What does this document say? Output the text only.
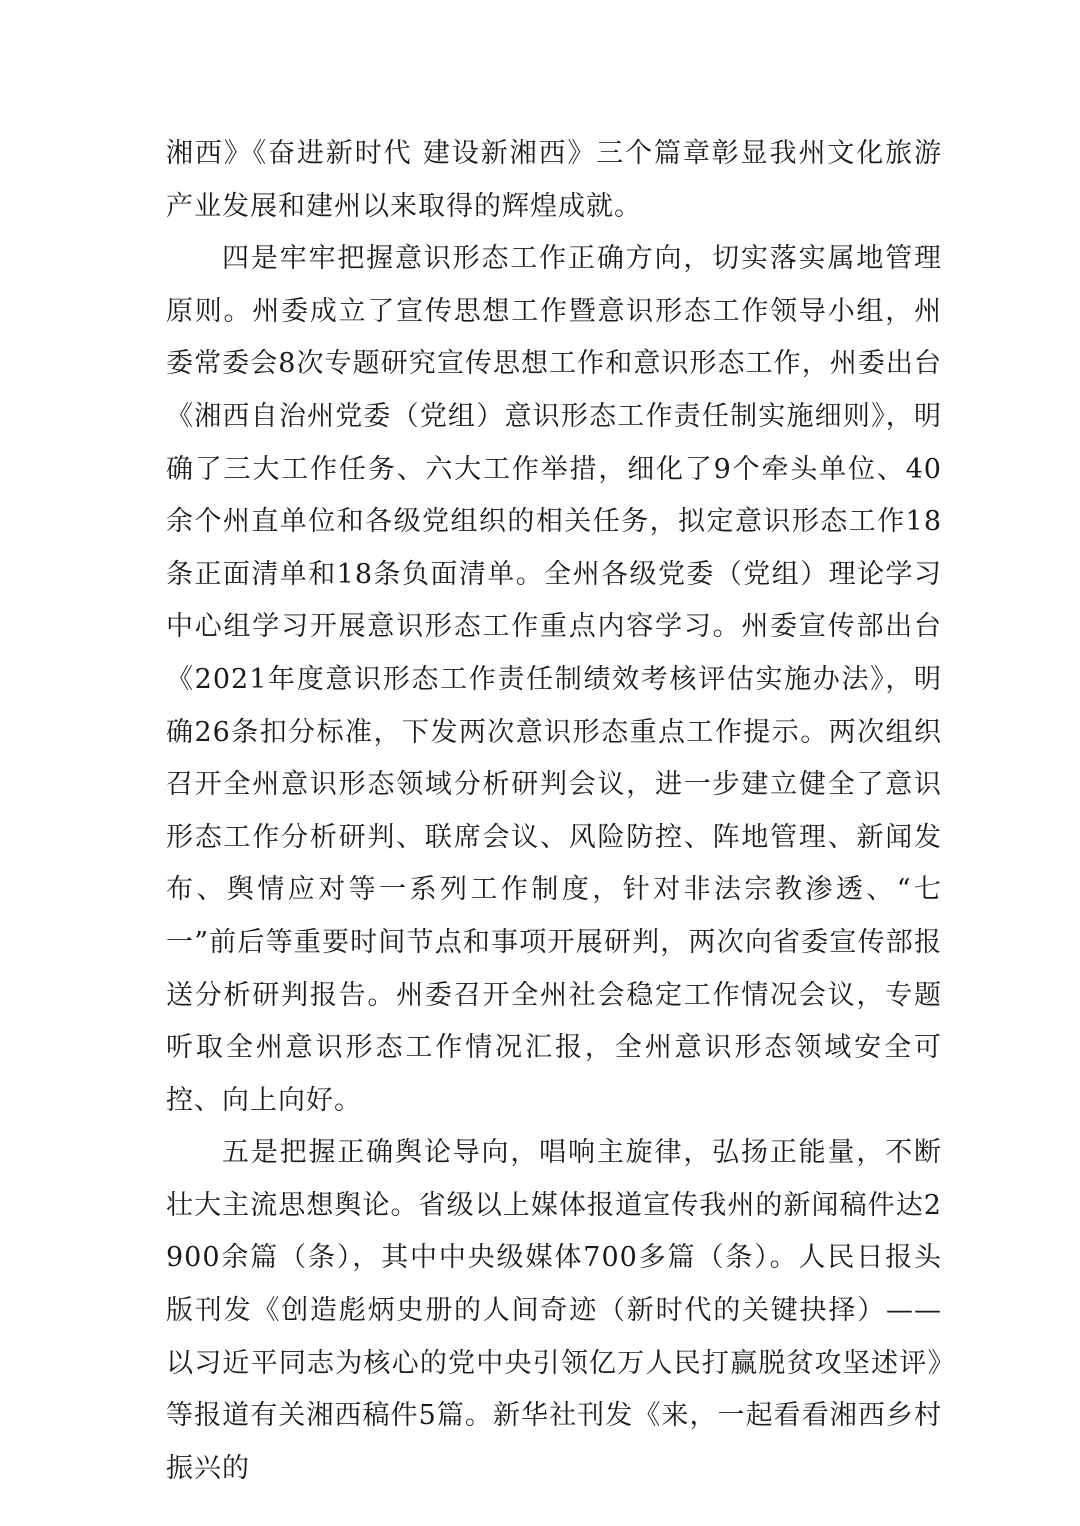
湘西》《奋进新时代 建设新湘西》三个篇章彰显我州文化旅游产业发展和建州以来取得的辉煌成就。

四是牢牢把握意识形态工作正确方向，切实落实属地管理原则。州委成立了宣传思想工作暨意识形态工作领导小组，州委常委会8次专题研究宣传思想工作和意识形态工作，州委出台《湘西自治州党委（党组）意识形态工作责任制实施细则》，明确了三大工作任务、六大工作举措，细化了9个牵头单位、40余个州直单位和各级党组织的相关任务，拟定意识形态工作18条正面清单和18条负面清单。全州各级党委（党组）理论学习中心组学习开展意识形态工作重点内容学习。州委宣传部出台《2021年度意识形态工作责任制绩效考核评估实施办法》，明确26条扣分标准，下发两次意识形态重点工作提示。两次组织召开全州意识形态领域分析研判会议，进一步建立健全了意识形态工作分析研判、联席会议、风险防控、阵地管理、新闻发布、舆情应对等一系列工作制度，针对非法宗教渗透、“七一”前后等重要时间节点和事项开展研判，两次向省委宣传部报送分析研判报告。州委召开全州社会稳定工作情况会议，专题听取全州意识形态工作情况汇报，全州意识形态领域安全可控、向上向好。

五是把握正确舆论导向，唱响主旋律，弘扬正能量，不断壮大主流思想舆论。省级以上媒体报道宣传我州的新闻稿件达2900余篇（条），其中中央级媒体700多篇（条）。人民日报头版刊发《创造彪炳史册的人间奇迹（新时代的关键抉择）——以习近平同志为核心的党中央引领亿万人民打赢脱贫攻坚述评》等报道有关湘西稿件5篇。新华社刊发《来，一起看看湘西乡村振兴的
